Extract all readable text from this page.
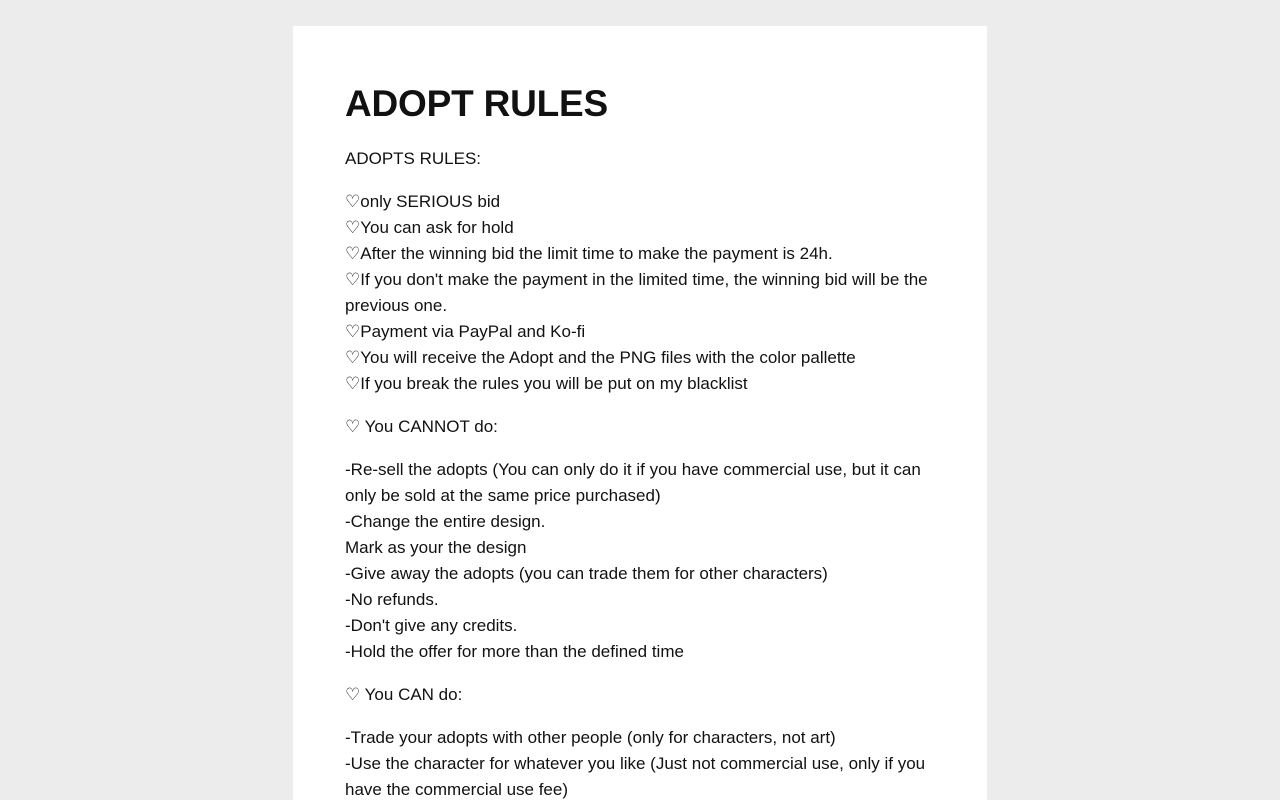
ADOPT RULES

ADOPTS RULES:

♡only SERIOUS bid
♡You can ask for hold
♡After the winning bid the limit time to make the payment is 24h.
♡If you don't make the payment in the limited time, the winning bid will be the previous one.
♡Payment via PayPal and Ko-fi
♡You will receive the Adopt and the PNG files with the color pallette
♡If you break the rules you will be put on my blacklist

♡ You CANNOT do:

-Re-sell the adopts (You can only do it if you have commercial use, but it can only be sold at the same price purchased)
-Change the entire design.
Mark as your the design
-Give away the adopts (you can trade them for other characters)
-No refunds.
-Don't give any credits.
-Hold the offer for more than the defined time

♡ You CAN do:

-Trade your adopts with other people (only for characters, not art)
-Use the character for whatever you like (Just not commercial use, only if you have the commercial use fee)
